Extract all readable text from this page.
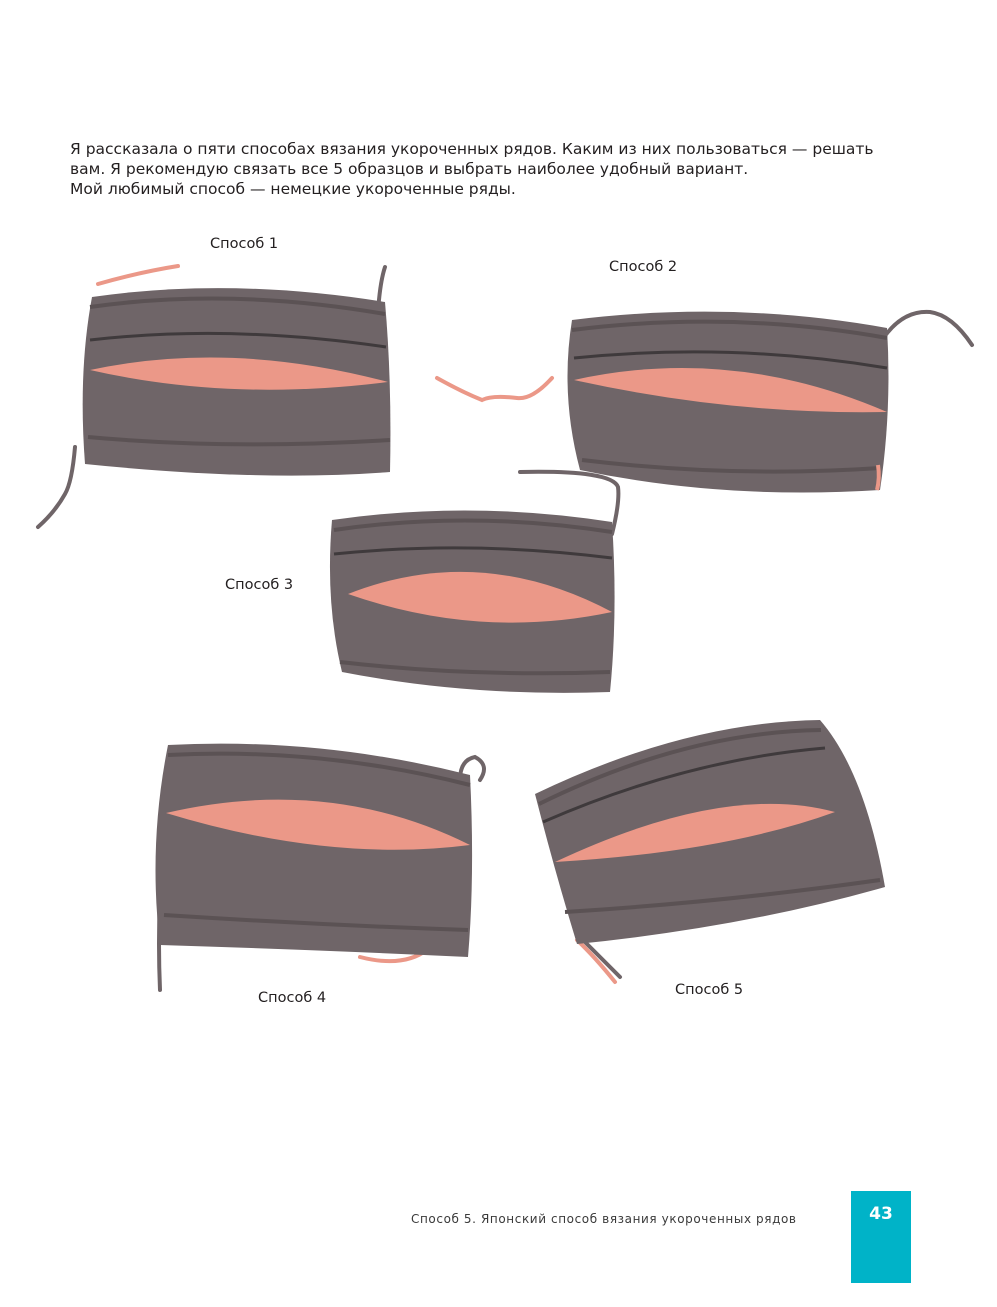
Я рассказала о пяти способах вязания укороченных рядов. Каким из них пользоваться — решать

вам. Я рекомендую связать все 5 образцов и выбрать наиболее удобный вариант.

Мой любимый способ — немецкие укороченные ряды.

Способ 1
Способ 2
Способ 3
Способ 4	Способ 5
Способ 5. Японский способ вязания укороченных рядов	43
